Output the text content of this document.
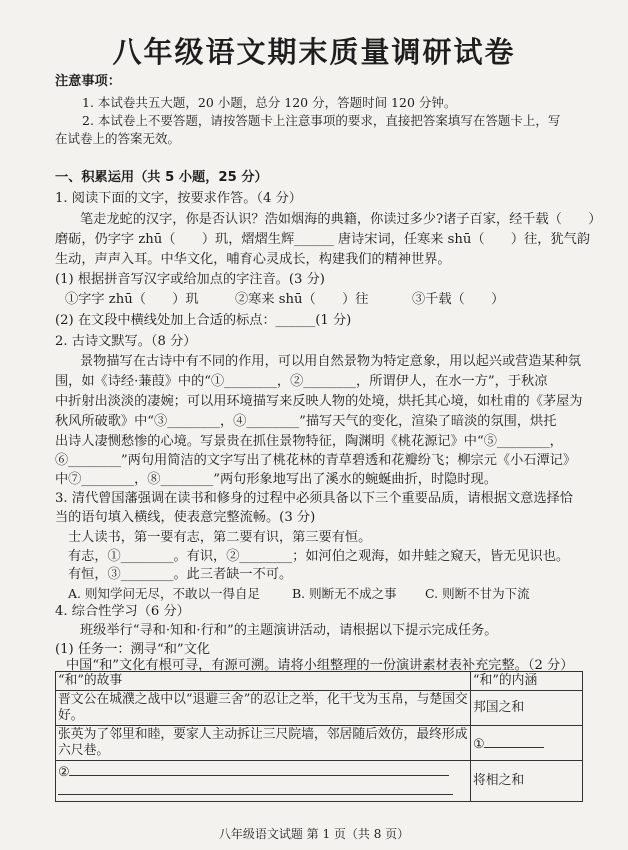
八年级语文期末质量调研试卷
注意事项：
1. 本试卷共五大题，20 小题，总分 120 分，答题时间 120 分钟。
2. 本试卷上不要答题，请按答题卡上注意事项的要求，直接把答案填写在答题卡上，写
在试卷上的答案无效。
一、积累运用（共 5 小题，25 分）
1. 阅读下面的文字，按要求作答。（4 分）
笔走龙蛇的汉字，你是否认识？浩如烟海的典籍，你读过多少?诸子百家，经千载（　　）
磨砺，仍字字 zhū（　　）玑，熠熠生辉______ 唐诗宋词，任寒来 shū（　　）往，犹气韵
生动，声声入耳。中华文化，哺育心灵成长，构建我们的精神世界。
(1) 根据拼音写汉字或给加点的字注音。(3 分)
①字字 zhū（　　）玑	②寒来 shū（　　）往	③千载（　　）
(2) 在文段中横线处加上合适的标点：______(1 分)
2. 古诗文默写。（8 分）
景物描写在古诗中有不同的作用，可以用自然景物为特定意象，用以起兴或营造某种氛
围，如《诗经·蒹葭》中的“①________，②________，所谓伊人，在水一方”，于秋凉
中折射出淡淡的凄婉；可以用环境描写来反映人物的处境，烘托其心境，如杜甫的《茅屋为
秋风所破歌》中“③________，④________”描写天气的变化，渲染了暗淡的氛围，烘托
出诗人凄恻愁惨的心境。写景贵在抓住景物特征，陶渊明《桃花源记》中“⑤________，
⑥________”两句用简洁的文字写出了桃花林的青草碧透和花瓣纷飞；柳宗元《小石潭记》
中⑦________，⑧________”两句形象地写出了溪水的蜿蜒曲折，时隐时现。
3. 清代曾国藩强调在读书和修身的过程中必须具备以下三个重要品质，请根据文意选择恰
当的语句填入横线，使表意完整流畅。(3 分)
士人读书，第一要有志，第二要有识，第三要有恒。
有志，①________。有识，②________；如河伯之观海，如井蛙之窥天，皆无见识也。
有恒，③________。此三者缺一不可。
A. 则知学问无尽，不敢以一得自足	B. 则断无不成之事 C. 则断不甘为下流
4. 综合性学习（6 分）
班级举行“寻和·知和·行和”的主题演讲活动，请根据以下提示完成任务。
(1) 任务一：溯寻“和”文化
中国“和”文化有根可寻，有源可溯。请将小组整理的一份演讲素材表补充完整。（2 分）
“和”的故事	“和”的内涵
晋文公在城濮之战中以“退避三舍”的忍让之举，化干戈为玉帛，与楚国交好。	邦国之和
张英为了邻里和睦，要家人主动拆让三尺院墙，邻居随后效仿，最终形成六尺巷。	①
②	将相之和
八年级语文试题 第 1 页（共 8 页）
